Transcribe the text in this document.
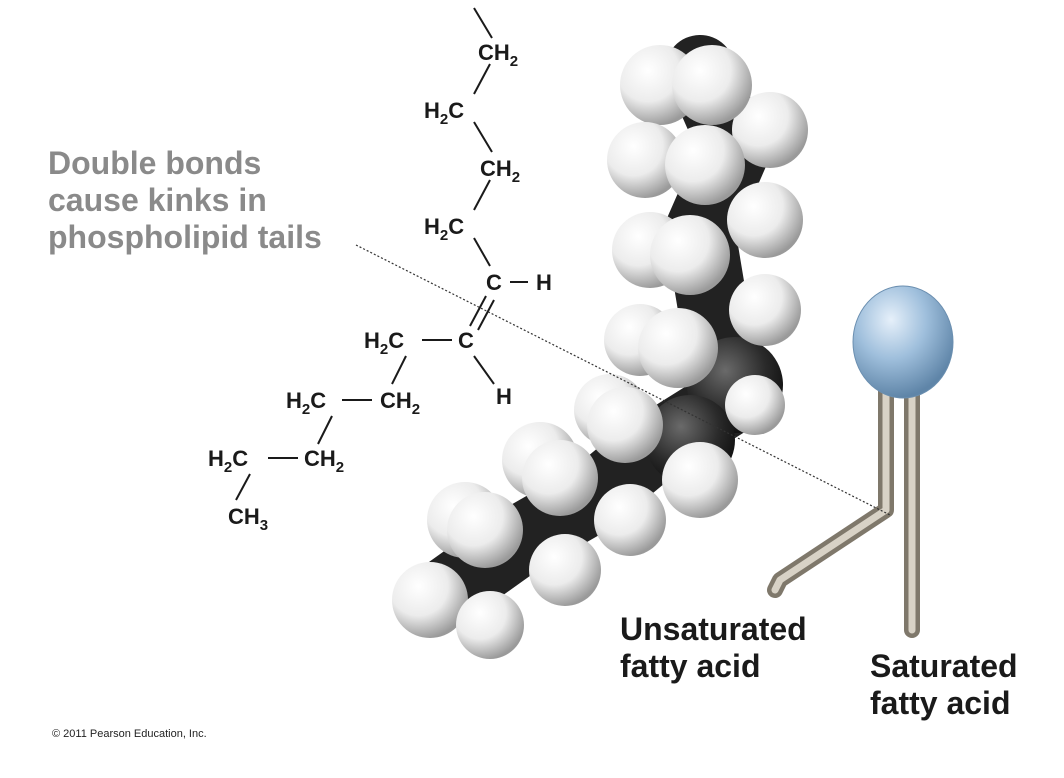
$CH_2$
$H_2C$
$CH_2$
$H_2C$
C H
$H_2C$ C
H
$H_2C$ $CH_2$
$H_2C$	$CH_2$
$CH_3$
Double bonds
cause kinks in
phospholipid tails
Unsaturated
fatty acid	Saturated
fatty acid
© 2011 Pearson Education, Inc.
